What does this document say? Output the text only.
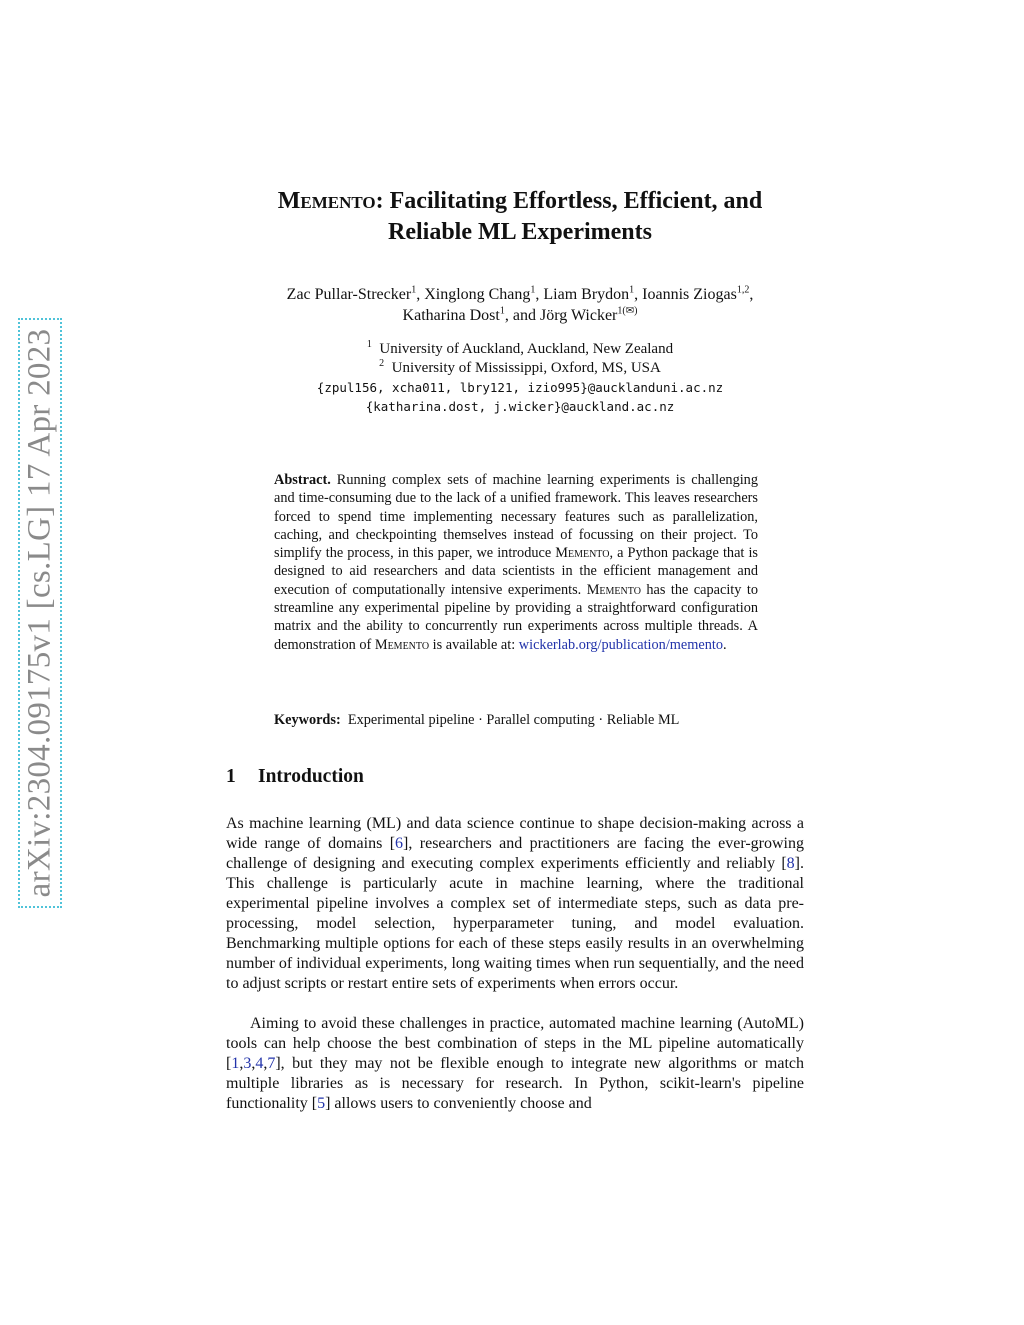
arXiv:2304.09175v1 [cs.LG] 17 Apr 2023
Memento: Facilitating Effortless, Efficient, and
Reliable ML Experiments
Zac Pullar-Strecker$^1$, Xinglong Chang$^1$, Liam Brydon$^1$, Ioannis Ziogas$^{1,2}$,
Katharina Dost$^1$, and Jörg Wicker$^{1(✉)}$
$^1$ University of Auckland, Auckland, New Zealand
$^2$ University of Mississippi, Oxford, MS, USA
{zpul156, xcha011, lbry121, izio995}@aucklanduni.ac.nz
{katharina.dost, j.wicker}@auckland.ac.nz
Abstract. Running complex sets of machine learning experiments is challenging and time-consuming due to the lack of a unified framework. This leaves researchers forced to spend time implementing necessary features such as parallelization, caching, and checkpointing themselves instead of focussing on their project. To simplify the process, in this paper, we introduce Memento, a Python package that is designed to aid researchers and data scientists in the efficient management and execution of computationally intensive experiments. Memento has the capacity to streamline any experimental pipeline by providing a straightforward configuration matrix and the ability to concurrently run experiments across multiple threads. A demonstration of Memento is available at: wickerlab.org/publication/memento.
Keywords: Experimental pipeline · Parallel computing · Reliable ML
1 Introduction
As machine learning (ML) and data science continue to shape decision-making across a wide range of domains [6], researchers and practitioners are facing the ever-growing challenge of designing and executing complex experiments efficiently and reliably [8]. This challenge is particularly acute in machine learning, where the traditional experimental pipeline involves a complex set of intermediate steps, such as data pre-processing, model selection, hyperparameter tuning, and model evaluation. Benchmarking multiple options for each of these steps easily results in an overwhelming number of individual experiments, long waiting times when run sequentially, and the need to adjust scripts or restart entire sets of experiments when errors occur.
Aiming to avoid these challenges in practice, automated machine learning (AutoML) tools can help choose the best combination of steps in the ML pipeline automatically [1,3,4,7], but they may not be flexible enough to integrate new algorithms or match multiple libraries as is necessary for research. In Python, scikit-learn's pipeline functionality [5] allows users to conveniently choose and
